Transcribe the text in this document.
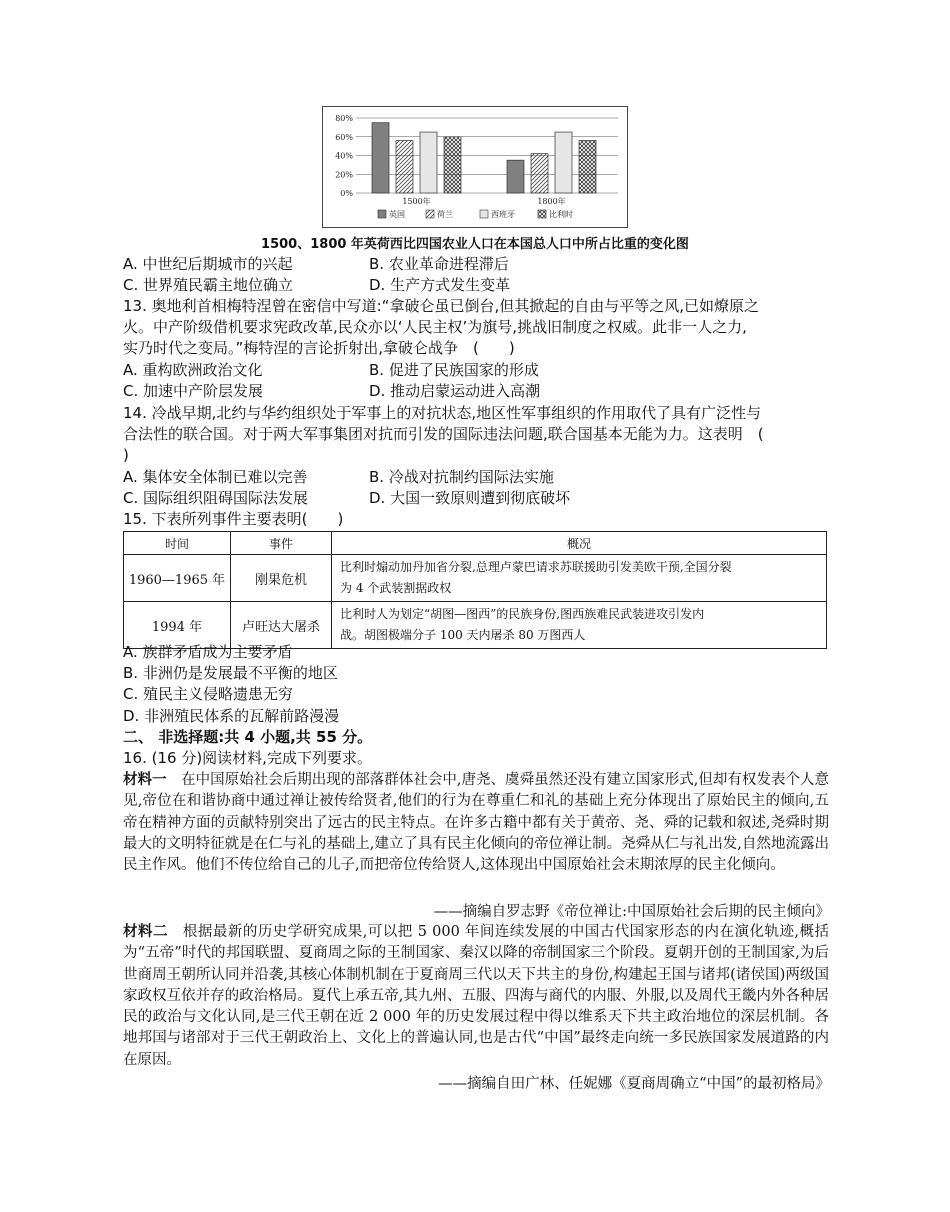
0%
20%
40%
60%
80%
1500年	1800年
英国	荷兰	西班牙	比利时
1500、1800 年英荷西比四国农业人口在本国总人口中所占比重的变化图
A. 中世纪后期城市的兴起	B. 农业革命进程滞后
C. 世界殖民霸主地位确立	D. 生产方式发生变革
13. 奥地利首相梅特涅曾在密信中写道:“拿破仑虽已倒台,但其掀起的自由与平等之风,已如燎原之
火。中产阶级借机要求宪政改革,民众亦以‘人民主权’为旗号,挑战旧制度之权威。此非一人之力,
实乃时代之变局。”梅特涅的言论折射出,拿破仑战争　(　　)
A. 重构欧洲政治文化	B. 促进了民族国家的形成
C. 加速中产阶层发展	D. 推动启蒙运动进入高潮
14. 冷战早期,北约与华约组织处于军事上的对抗状态,地区性军事组织的作用取代了具有广泛性与
合法性的联合国。对于两大军事集团对抗而引发的国际违法问题,联合国基本无能为力。这表明　(
)
A. 集体安全体制已难以完善	B. 冷战对抗制约国际法实施
C. 国际组织阻碍国际法发展	D. 大国一致原则遭到彻底破坏
15. 下表所列事件主要表明(　　)
时间	事件	概况
1960—1965 年	刚果危机	比利时煽动加丹加省分裂,总理卢蒙巴请求苏联援助引发美欧干预,全国分裂
为 4 个武装割据政权

1994 年	卢旺达大屠杀	比利时人为划定“胡图—图西”的民族身份,图西族难民武装进攻引发内
战。胡图极端分子 100 天内屠杀 80 万图西人
A. 族群矛盾成为主要矛盾
B. 非洲仍是发展最不平衡的地区
C. 殖民主义侵略遗患无穷
D. 非洲殖民体系的瓦解前路漫漫
二、 非选择题:共 4 小题,共 55 分。
16. (16 分)阅读材料,完成下列要求。
材料一　在中国原始社会后期出现的部落群体社会中,唐尧、虞舜虽然还没有建立国家形式,但却有权发表个人意见,帝位在和谐协商中通过禅让被传给贤者,他们的行为在尊重仁和礼的基础上充分体现出了原始民主的倾向,五帝在精神方面的贡献特别突出了远古的民主特点。在许多古籍中都有关于黄帝、尧、舜的记载和叙述,尧舜时期最大的文明特征就是在仁与礼的基础上,建立了具有民主化倾向的帝位禅让制。尧舜从仁与礼出发,自然地流露出民主作风。他们不传位给自己的儿子,而把帝位传给贤人,这体现出中国原始社会末期浓厚的民主化倾向。
——摘编自罗志野《帝位禅让:中国原始社会后期的民主倾向》
材料二　根据最新的历史学研究成果,可以把 5 000 年间连续发展的中国古代国家形态的内在演化轨迹,概括为“五帝”时代的邦国联盟、夏商周之际的王制国家、秦汉以降的帝制国家三个阶段。夏朝开创的王制国家,为后世商周王朝所认同并沿袭,其核心体制机制在于夏商周三代以天下共主的身份,构建起王国与诸邦(诸侯国)两级国家政权互依并存的政治格局。夏代上承五帝,其九州、五服、四海与商代的内服、外服,以及周代王畿内外各种居民的政治与文化认同,是三代王朝在近 2 000 年的历史发展过程中得以维系天下共主政治地位的深层机制。各地邦国与诸部对于三代王朝政治上、文化上的普遍认同,也是古代“中国”最终走向统一多民族国家发展道路的内在原因。
——摘编自田广林、任妮娜《夏商周确立“中国”的最初格局》
